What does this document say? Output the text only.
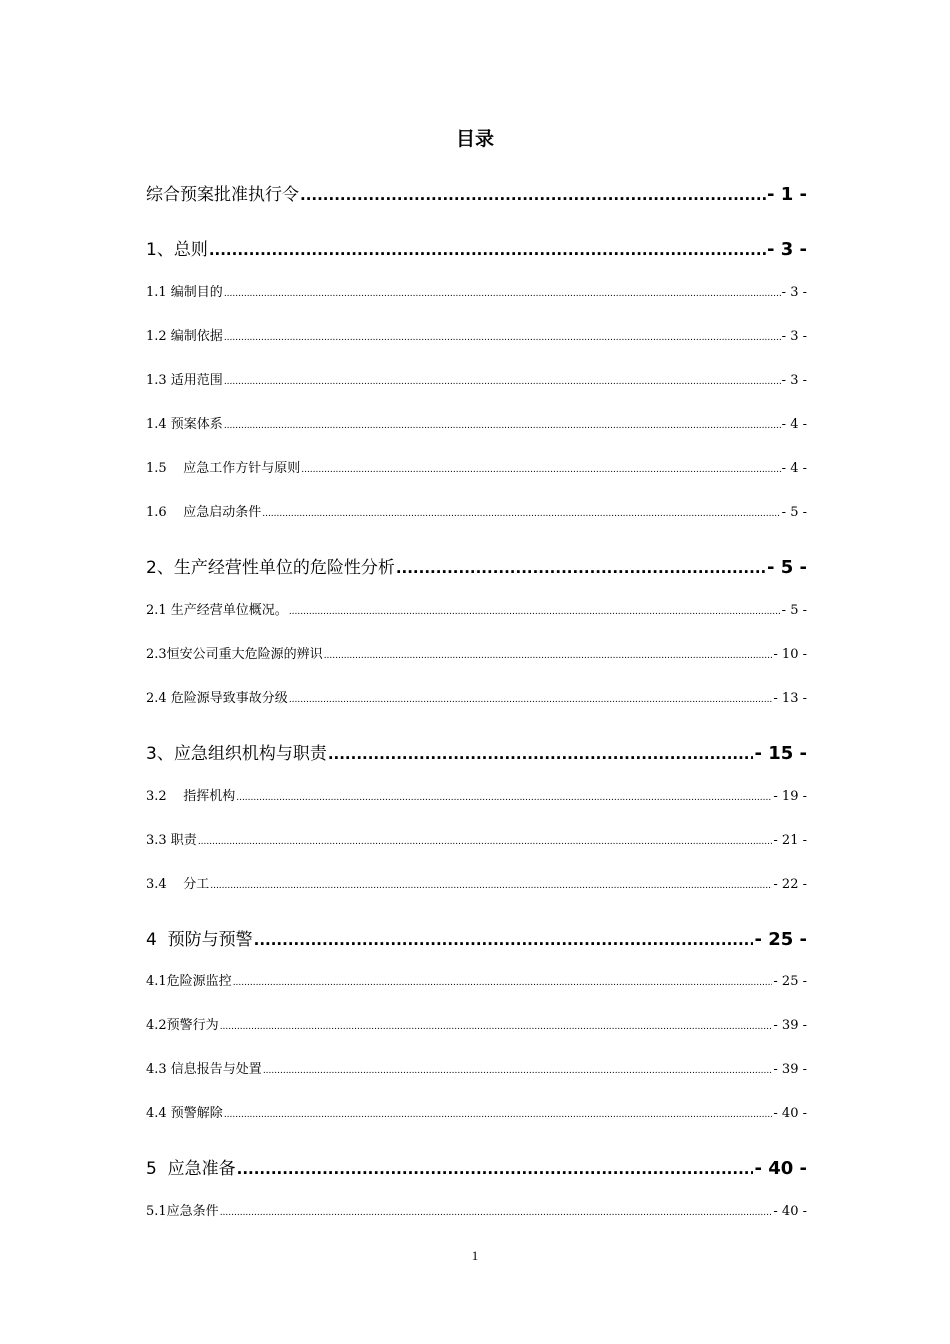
目录
综合预案批准执行令 .....	- 1 -
1、总则 .....	- 3 -
1.1 编制目的 .....	- 3 -
1.2 编制依据 .....	- 3 -
1.3 适用范围 .....	- 3 -
1.4 预案体系 .....	- 4 -
1.5    应急工作方针与原则 .....	- 4 -
1.6    应急启动条件 .....	- 5 -
2、生产经营性单位的危险性分析 .....	- 5 -
2.1 生产经营单位概况。 .....	- 5 -
2.3恒安公司重大危险源的辨识 .....	- 10 -
2.4 危险源导致事故分级 .....	- 13 -
3、应急组织机构与职责 .....	- 15 -
3.2    指挥机构 .....	- 19 -
3.3 职责 .....	- 21 -
3.4    分工 .....	- 22 -
4  预防与预警 .....	- 25 -
4.1危险源监控 .....	- 25 -
4.2预警行为 .....	- 39 -
4.3 信息报告与处置 .....	- 39 -
4.4 预警解除 .....	- 40 -
5  应急准备 .....	- 40 -
5.1应急条件 .....	- 40 -
1
